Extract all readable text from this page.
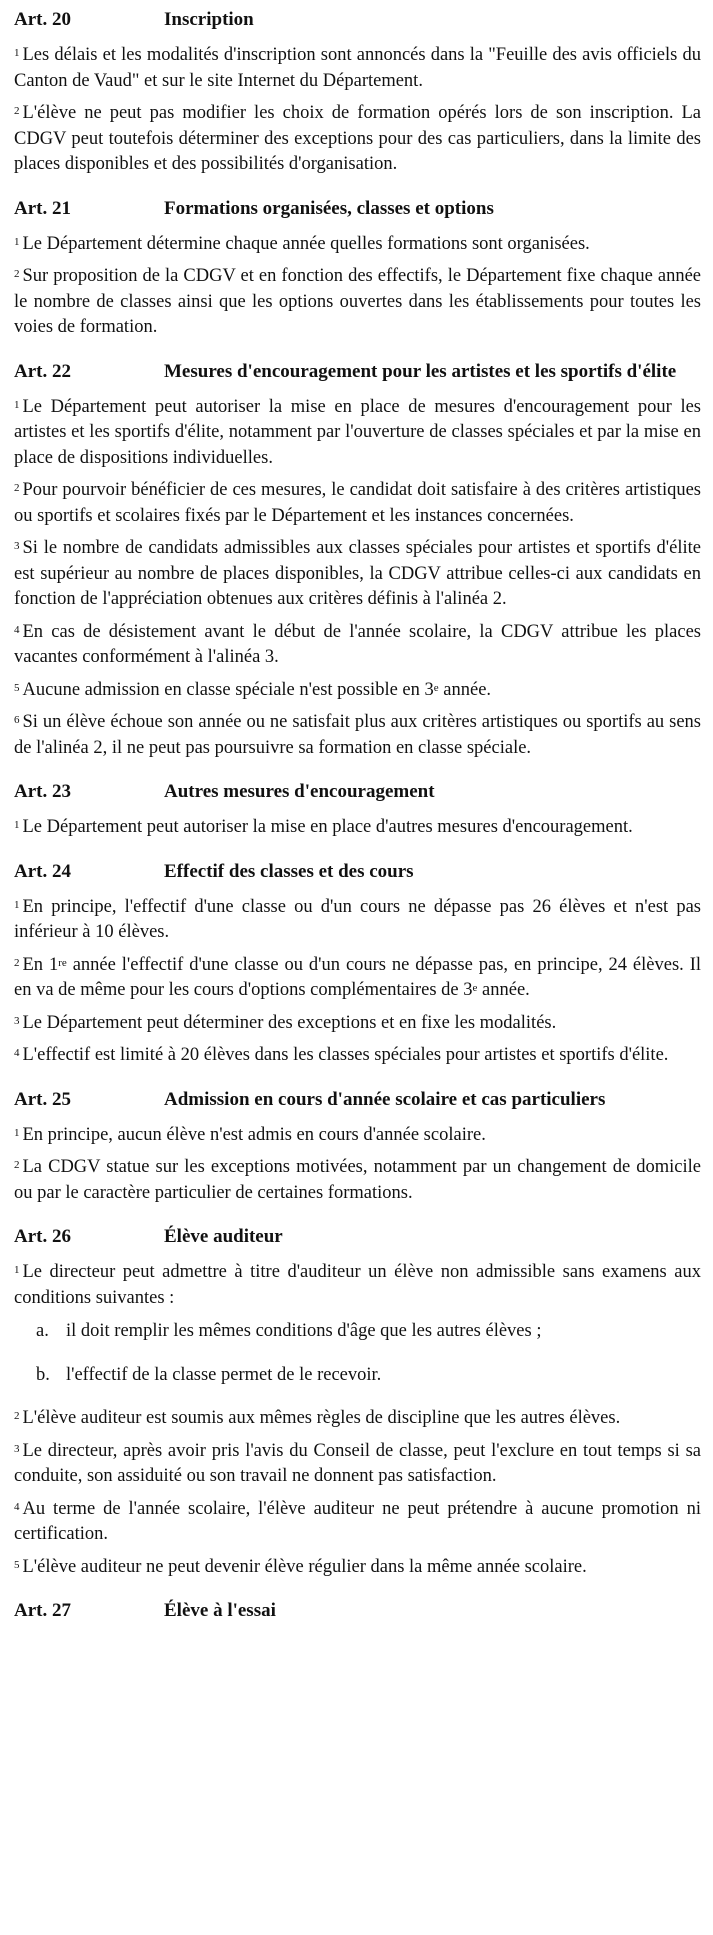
Art. 20	Inscription

$^1$ Les délais et les modalités d'inscription sont annoncés dans la "Feuille des avis officiels du Canton de Vaud" et sur le site Internet du Département.

$^2$ L'élève ne peut pas modifier les choix de formation opérés lors de son inscription. La CDGV peut toutefois déterminer des exceptions pour des cas particuliers, dans la limite des places disponibles et des possibilités d'organisation.

Art. 21	Formations organisées, classes et options

$^1$ Le Département détermine chaque année quelles formations sont organisées.

$^2$ Sur proposition de la CDGV et en fonction des effectifs, le Département fixe chaque année le nombre de classes ainsi que les options ouvertes dans les établissements pour toutes les voies de formation.

Art. 22	Mesures d'encouragement pour les artistes et les sportifs d'élite

$^1$ Le Département peut autoriser la mise en place de mesures d'encouragement pour les artistes et les sportifs d'élite, notamment par l'ouverture de classes spéciales et par la mise en place de dispositions individuelles.

$^2$ Pour pourvoir bénéficier de ces mesures, le candidat doit satisfaire à des critères artistiques ou sportifs et scolaires fixés par le Département et les instances concernées.

$^3$ Si le nombre de candidats admissibles aux classes spéciales pour artistes et sportifs d'élite est supérieur au nombre de places disponibles, la CDGV attribue celles-ci aux candidats en fonction de l'appréciation obtenues aux critères définis à l'alinéa 2.

$^4$ En cas de désistement avant le début de l'année scolaire, la CDGV attribue les places vacantes conformément à l'alinéa 3.

$^5$ Aucune admission en classe spéciale n'est possible en 3e année.

$^6$ Si un élève échoue son année ou ne satisfait plus aux critères artistiques ou sportifs au sens de l'alinéa 2, il ne peut pas poursuivre sa formation en classe spéciale.

Art. 23	Autres mesures d'encouragement

$^1$ Le Département peut autoriser la mise en place d'autres mesures d'encouragement.

Art. 24	Effectif des classes et des cours

$^1$ En principe, l'effectif d'une classe ou d'un cours ne dépasse pas 26 élèves et n'est pas inférieur à 10 élèves.

$^2$ En 1re année l'effectif d'une classe ou d'un cours ne dépasse pas, en principe, 24 élèves. Il en va de même pour les cours d'options complémentaires de 3e année.

$^3$ Le Département peut déterminer des exceptions et en fixe les modalités.

$^4$ L'effectif est limité à 20 élèves dans les classes spéciales pour artistes et sportifs d'élite.

Art. 25	Admission en cours d'année scolaire et cas particuliers

$^1$ En principe, aucun élève n'est admis en cours d'année scolaire.

$^2$ La CDGV statue sur les exceptions motivées, notamment par un changement de domicile ou par le caractère particulier de certaines formations.

Art. 26	Élève auditeur

$^1$ Le directeur peut admettre à titre d'auditeur un élève non admissible sans examens aux conditions suivantes :

a. il doit remplir les mêmes conditions d'âge que les autres élèves ;
b. l'effectif de la classe permet de le recevoir.

$^2$ L'élève auditeur est soumis aux mêmes règles de discipline que les autres élèves.

$^3$ Le directeur, après avoir pris l'avis du Conseil de classe, peut l'exclure en tout temps si sa conduite, son assiduité ou son travail ne donnent pas satisfaction.

$^4$ Au terme de l'année scolaire, l'élève auditeur ne peut prétendre à aucune promotion ni certification.

$^5$ L'élève auditeur ne peut devenir élève régulier dans la même année scolaire.

Art. 27	Élève à l'essai
